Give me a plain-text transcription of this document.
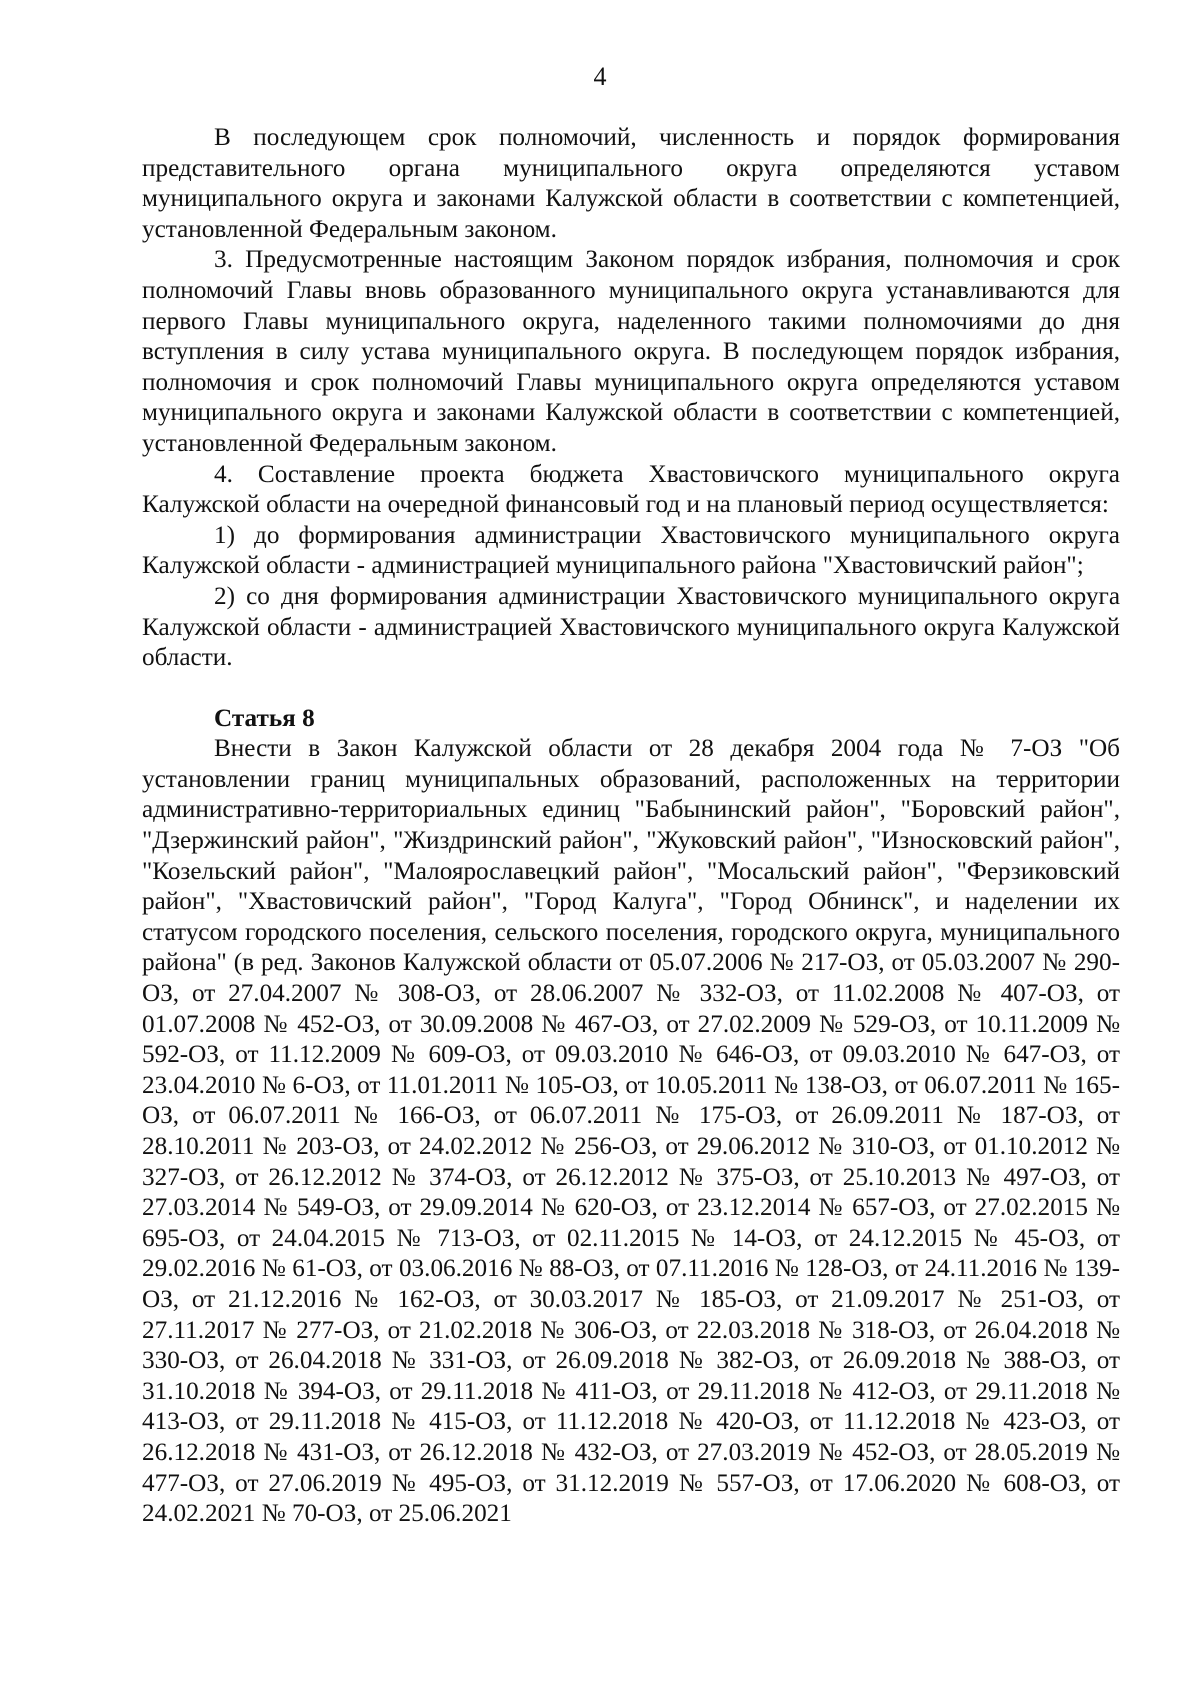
4

В последующем срок полномочий, численность и порядок формирования представительного органа муниципального округа определяются уставом муниципального округа и законами Калужской области в соответствии с компетенцией, установленной Федеральным законом.

3. Предусмотренные настоящим Законом порядок избрания, полномочия и срок полномочий Главы вновь образованного муниципального округа устанавливаются для первого Главы муниципального округа, наделенного такими полномочиями до дня вступления в силу устава муниципального округа. В последующем порядок избрания, полномочия и срок полномочий Главы муниципального округа определяются уставом муниципального округа и законами Калужской области в соответствии с компетенцией, установленной Федеральным законом.

4. Составление проекта бюджета Хвастовичского муниципального округа Калужской области на очередной финансовый год и на плановый период осуществляется:

1) до формирования администрации Хвастовичского муниципального округа Калужской области - администрацией муниципального района "Хвастовичский район";

2) со дня формирования администрации Хвастовичского муниципального округа Калужской области - администрацией Хвастовичского муниципального округа Калужской области.

Статья 8

Внести в Закон Калужской области от 28 декабря 2004 года № 7-ОЗ "Об установлении границ муниципальных образований, расположенных на территории административно-территориальных единиц "Бабынинский район", "Боровский район", "Дзержинский район", "Жиздринский район", "Жуковский район", "Износковский район", "Козельский район", "Малоярославецкий район", "Мосальский район", "Ферзиковский район", "Хвастовичский район", "Город Калуга", "Город Обнинск", и наделении их статусом городского поселения, сельского поселения, городского округа, муниципального района" (в ред. Законов Калужской области от 05.07.2006 № 217-ОЗ, от 05.03.2007 № 290-ОЗ, от 27.04.2007 № 308-ОЗ, от 28.06.2007 № 332-ОЗ, от 11.02.2008 № 407-ОЗ, от 01.07.2008 № 452-ОЗ, от 30.09.2008 № 467-ОЗ, от 27.02.2009 № 529-ОЗ, от 10.11.2009 № 592-ОЗ, от 11.12.2009 № 609-ОЗ, от 09.03.2010 № 646-ОЗ, от 09.03.2010 № 647-ОЗ, от 23.04.2010 № 6-ОЗ, от 11.01.2011 № 105-ОЗ, от 10.05.2011 № 138-ОЗ, от 06.07.2011 № 165-ОЗ, от 06.07.2011 № 166-ОЗ, от 06.07.2011 № 175-ОЗ, от 26.09.2011 № 187-ОЗ, от 28.10.2011 № 203-ОЗ, от 24.02.2012 № 256-ОЗ, от 29.06.2012 № 310-ОЗ, от 01.10.2012 № 327-ОЗ, от 26.12.2012 № 374-ОЗ, от 26.12.2012 № 375-ОЗ, от 25.10.2013 № 497-ОЗ, от 27.03.2014 № 549-ОЗ, от 29.09.2014 № 620-ОЗ, от 23.12.2014 № 657-ОЗ, от 27.02.2015 № 695-ОЗ, от 24.04.2015 № 713-ОЗ, от 02.11.2015 № 14-ОЗ, от 24.12.2015 № 45-ОЗ, от 29.02.2016 № 61-ОЗ, от 03.06.2016 № 88-ОЗ, от 07.11.2016 № 128-ОЗ, от 24.11.2016 № 139-ОЗ, от 21.12.2016 № 162-ОЗ, от 30.03.2017 № 185-ОЗ, от 21.09.2017 № 251-ОЗ, от 27.11.2017 № 277-ОЗ, от 21.02.2018 № 306-ОЗ, от 22.03.2018 № 318-ОЗ, от 26.04.2018 № 330-ОЗ, от 26.04.2018 № 331-ОЗ, от 26.09.2018 № 382-ОЗ, от 26.09.2018 № 388-ОЗ, от 31.10.2018 № 394-ОЗ, от 29.11.2018 № 411-ОЗ, от 29.11.2018 № 412-ОЗ, от 29.11.2018 № 413-ОЗ, от 29.11.2018 № 415-ОЗ, от 11.12.2018 № 420-ОЗ, от 11.12.2018 № 423-ОЗ, от 26.12.2018 № 431-ОЗ, от 26.12.2018 № 432-ОЗ, от 27.03.2019 № 452-ОЗ, от 28.05.2019 № 477-ОЗ, от 27.06.2019 № 495-ОЗ, от 31.12.2019 № 557-ОЗ, от 17.06.2020 № 608-ОЗ, от 24.02.2021 № 70-ОЗ, от 25.06.2021
